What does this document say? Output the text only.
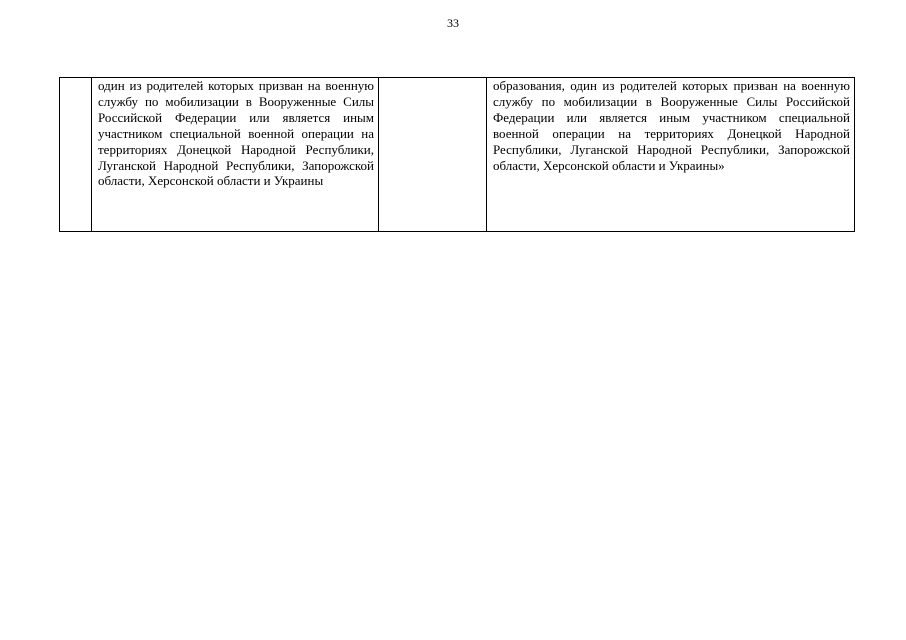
33

один из родителей которых призван на военную службу по мобилизации в Вооруженные Силы Российской Федерации или является иным участником специальной военной операции на территориях Донецкой Народной Республики, Луганской Народной Республики, Запорожской области, Херсонской области и Украины

образования, один из родителей которых призван на военную службу по мобилизации в Вооруженные Силы Российской Федерации или является иным участником специальной военной операции на территориях Донецкой Народной Республики, Луганской Народной Республики, Запорожской области, Херсонской области и Украины»
